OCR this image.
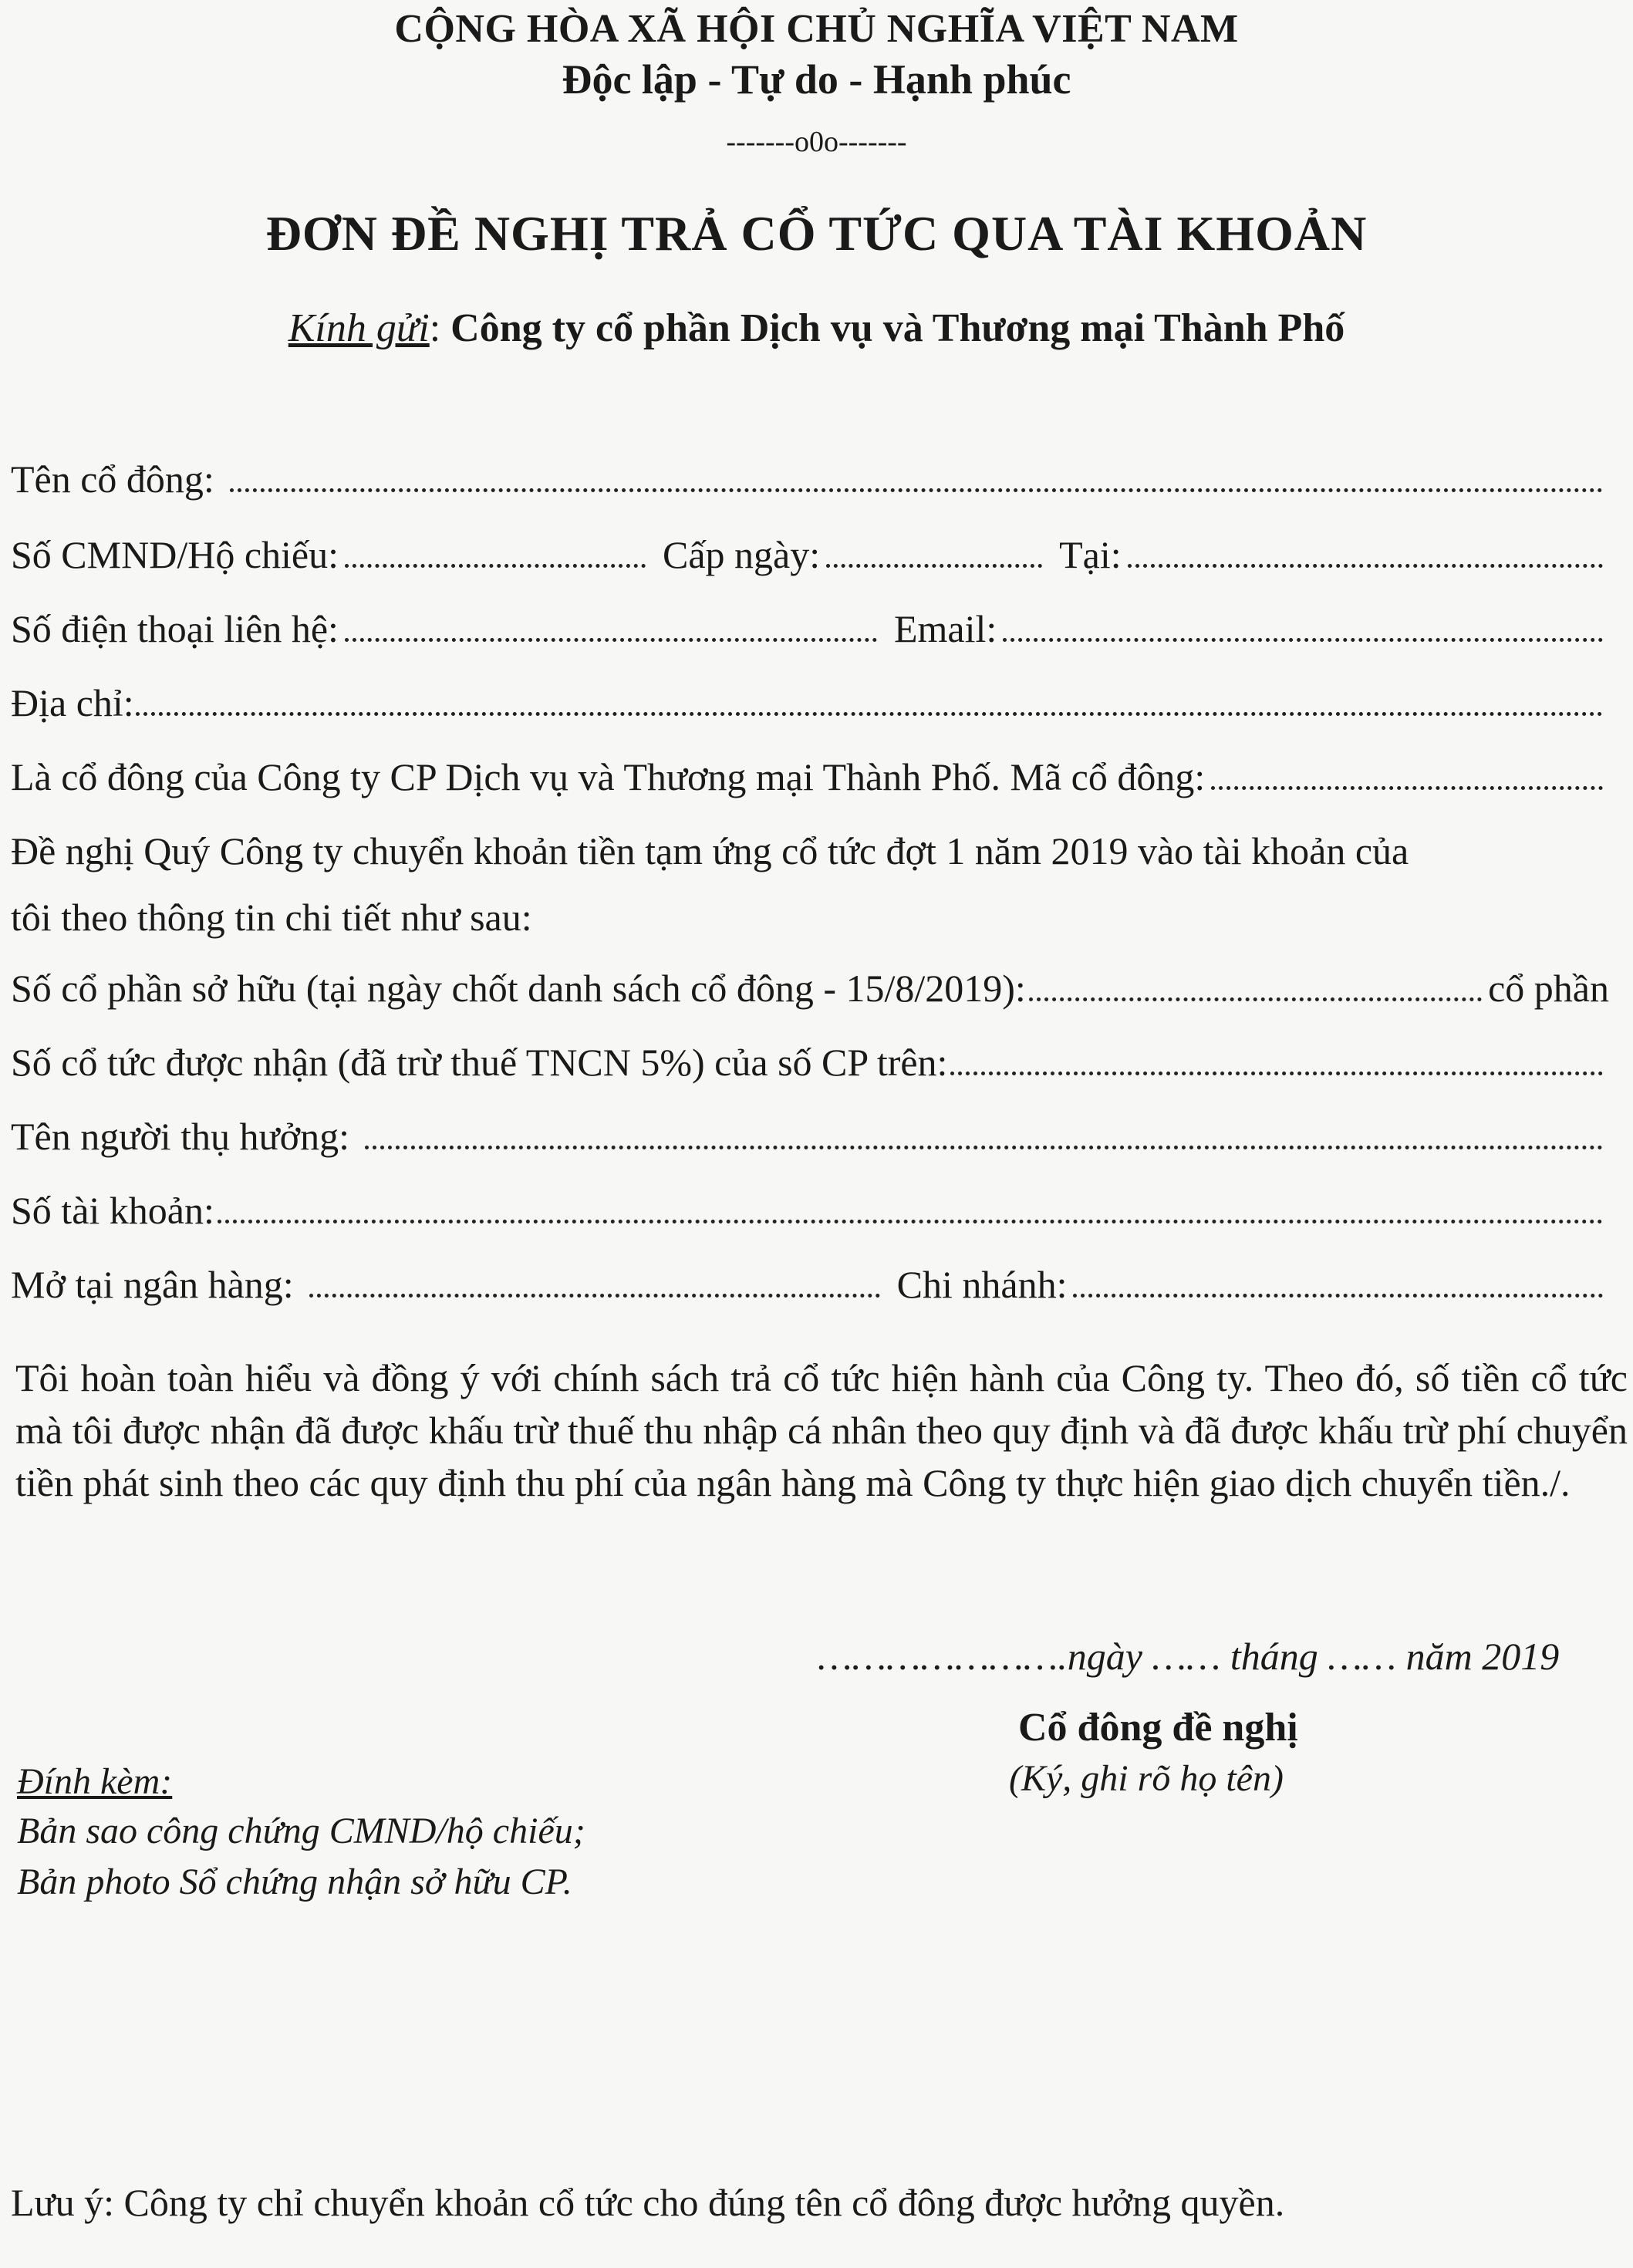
CỘNG HÒA XÃ HỘI CHỦ NGHĨA VIỆT NAM
Độc lập - Tự do - Hạnh phúc
-------o0o-------
ĐƠN ĐỀ NGHỊ TRẢ CỔ TỨC QUA TÀI KHOẢN
Kính gửi: Công ty cổ phần Dịch vụ và Thương mại Thành Phố
Tên cổ đông:
Số CMND/Hộ chiếu:	Cấp ngày:	Tại:
Số điện thoại liên hệ:	Email:
Địa chỉ:
Là cổ đông của Công ty CP Dịch vụ và Thương mại Thành Phố. Mã cổ đông:
Đề nghị Quý Công ty chuyển khoản tiền tạm ứng cổ tức đợt 1 năm 2019 vào tài khoản của
tôi theo thông tin chi tiết như sau:
Số cổ phần sở hữu (tại ngày chốt danh sách cổ đông - 15/8/2019):	cổ phần
Số cổ tức được nhận (đã trừ thuế TNCN 5%) của số CP trên:
Tên người thụ hưởng:
Số tài khoản:
Mở tại ngân hàng:	Chi nhánh:
Tôi hoàn toàn hiểu và đồng ý với chính sách trả cổ tức hiện hành của Công ty. Theo đó, số tiền cổ tức mà tôi được nhận đã được khấu trừ thuế thu nhập cá nhân theo quy định và đã được khấu trừ phí chuyển tiền phát sinh theo các quy định thu phí của ngân hàng mà Công ty thực hiện giao dịch chuyển tiền./.
………………….ngày …… tháng …… năm 2019
Cổ đông đề nghị
(Ký, ghi rõ họ tên)
Đính kèm:
Bản sao công chứng CMND/hộ chiếu;
Bản photo Sổ chứng nhận sở hữu CP.
Lưu ý: Công ty chỉ chuyển khoản cổ tức cho đúng tên cổ đông được hưởng quyền.
